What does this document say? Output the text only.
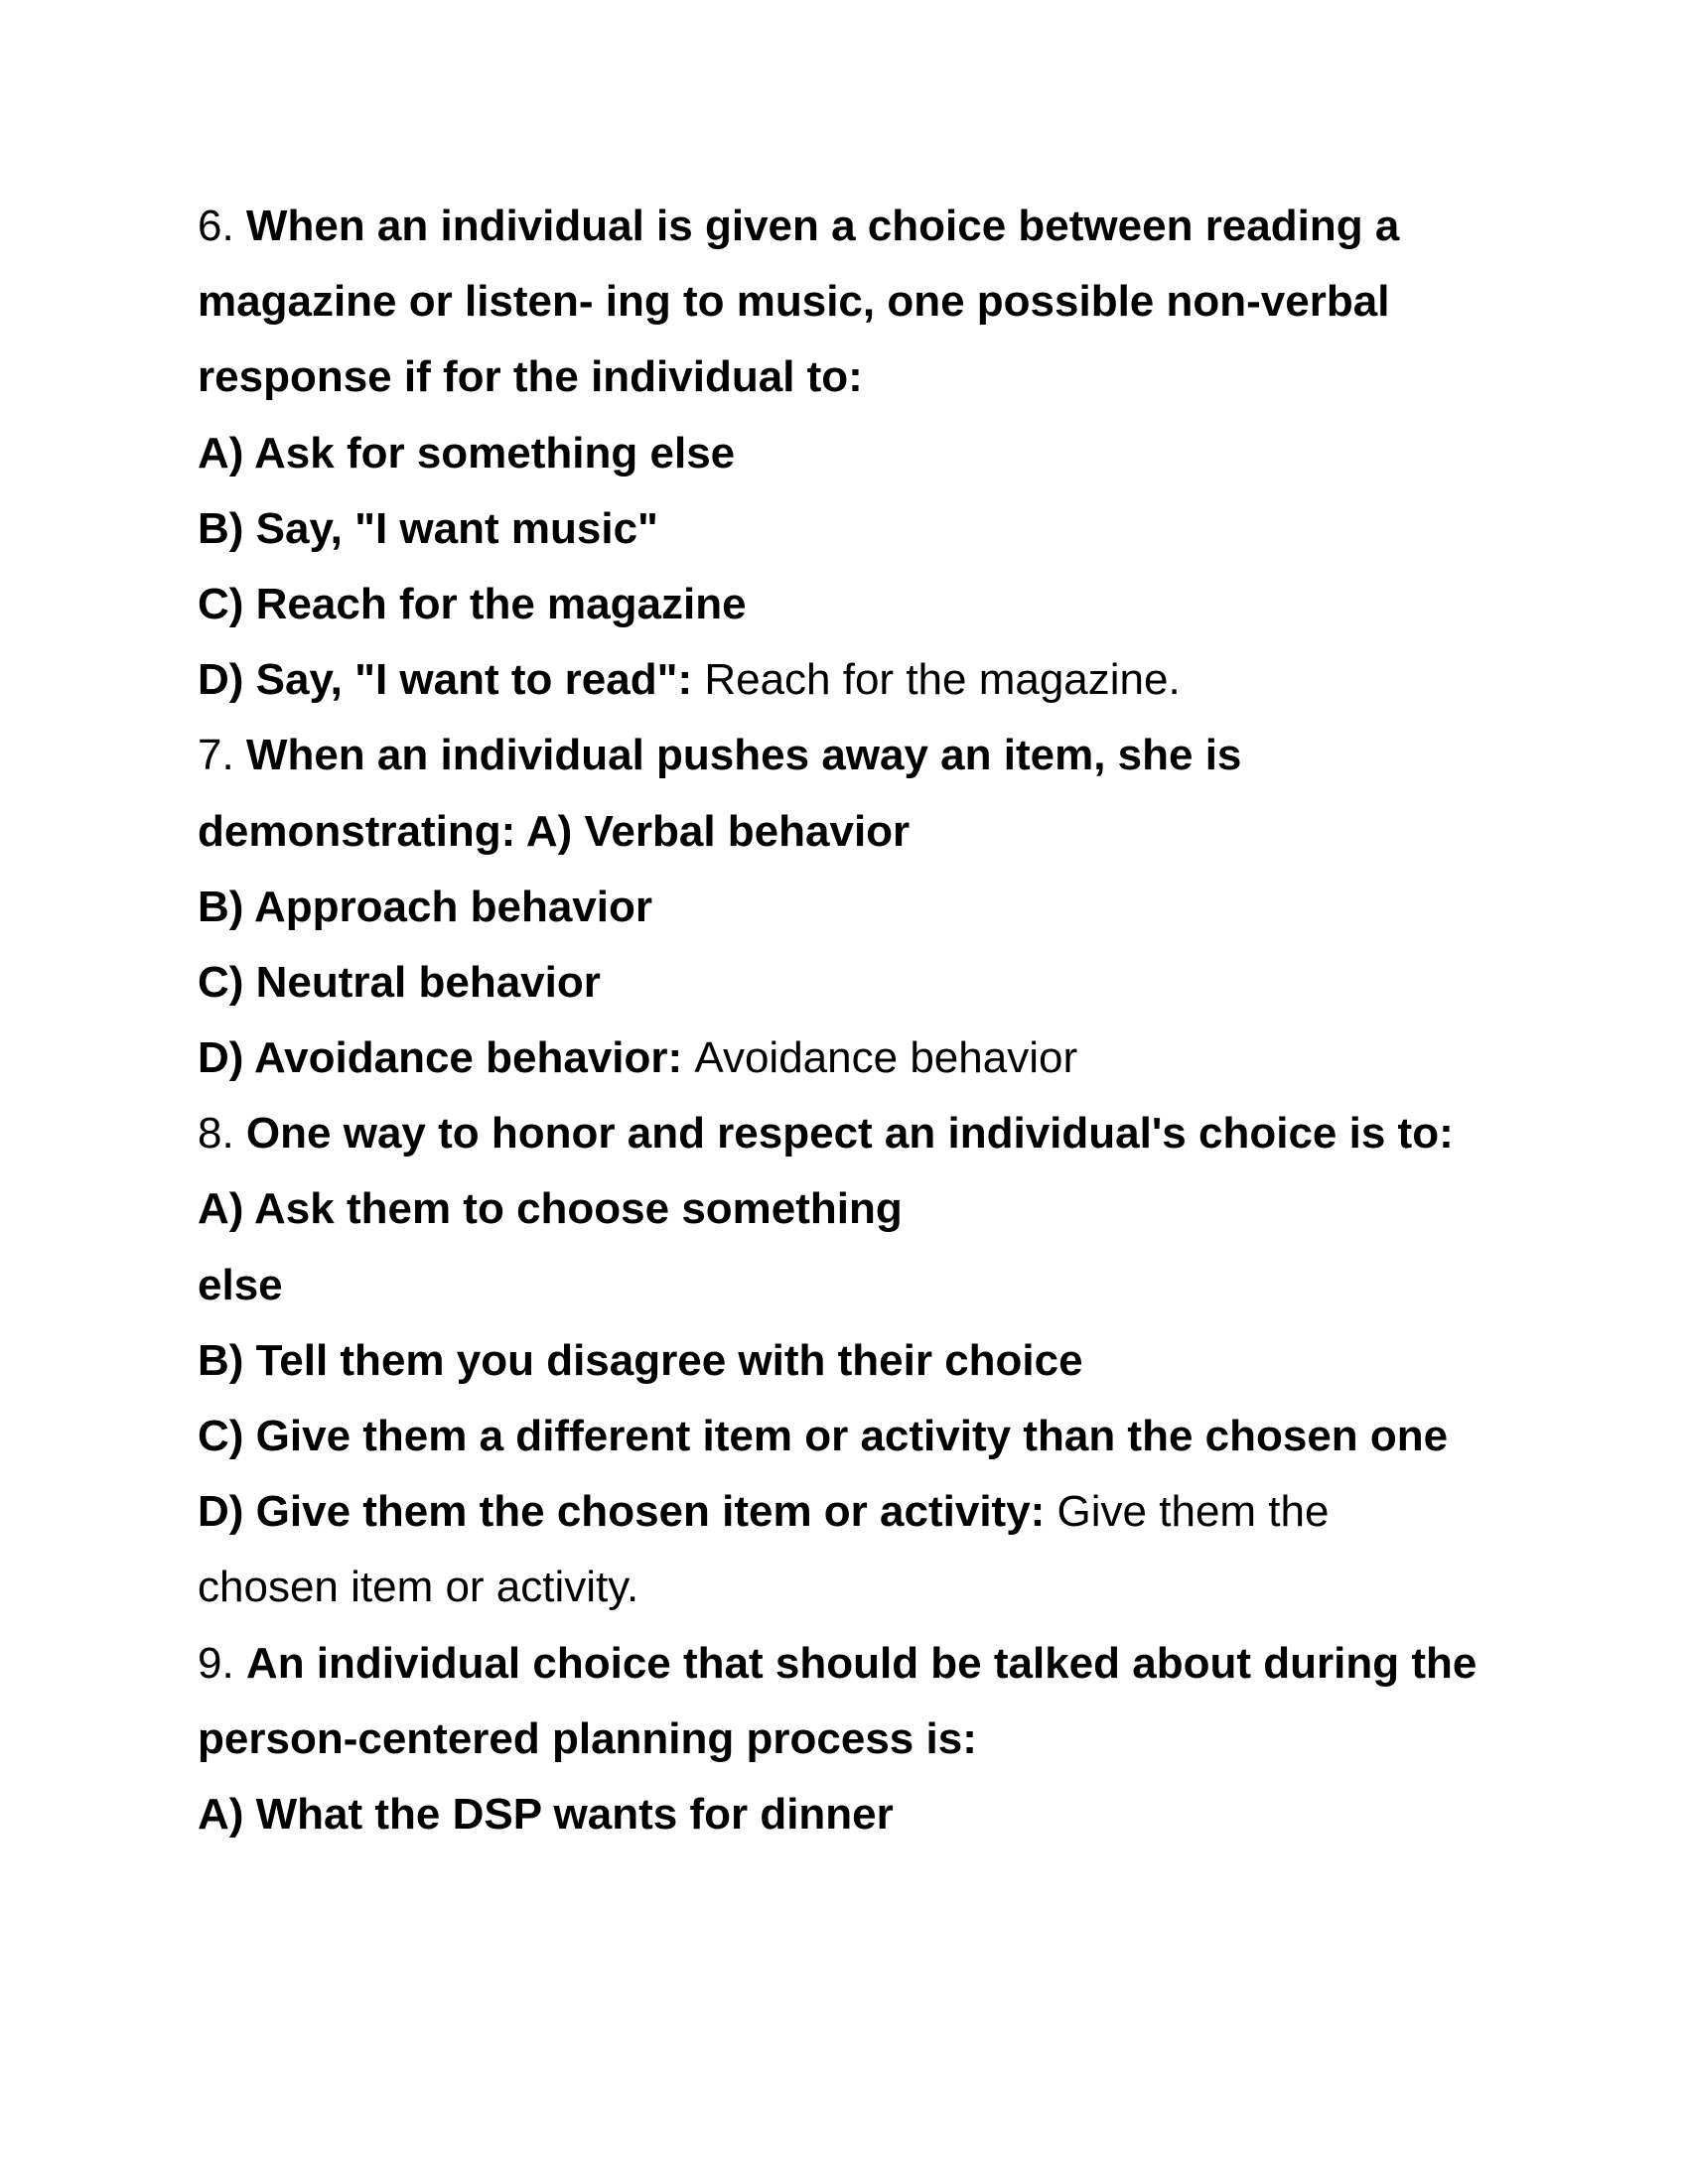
6. When an individual is given a choice between reading a
magazine or listen- ing to music, one possible non-verbal
response if for the individual to:
A) Ask for something else
B) Say, "I want music"
C) Reach for the magazine
D) Say, "I want to read": Reach for the magazine.
7. When an individual pushes away an item, she is
demonstrating: A) Verbal behavior
B) Approach behavior
C) Neutral behavior
D) Avoidance behavior: Avoidance behavior
8. One way to honor and respect an individual's choice is to:
A) Ask them to choose something
else
B) Tell them you disagree with their choice
C) Give them a different item or activity than the chosen one
D) Give them the chosen item or activity: Give them the
chosen item or activity.
9. An individual choice that should be talked about during the
person-centered planning process is:
A) What the DSP wants for dinner
